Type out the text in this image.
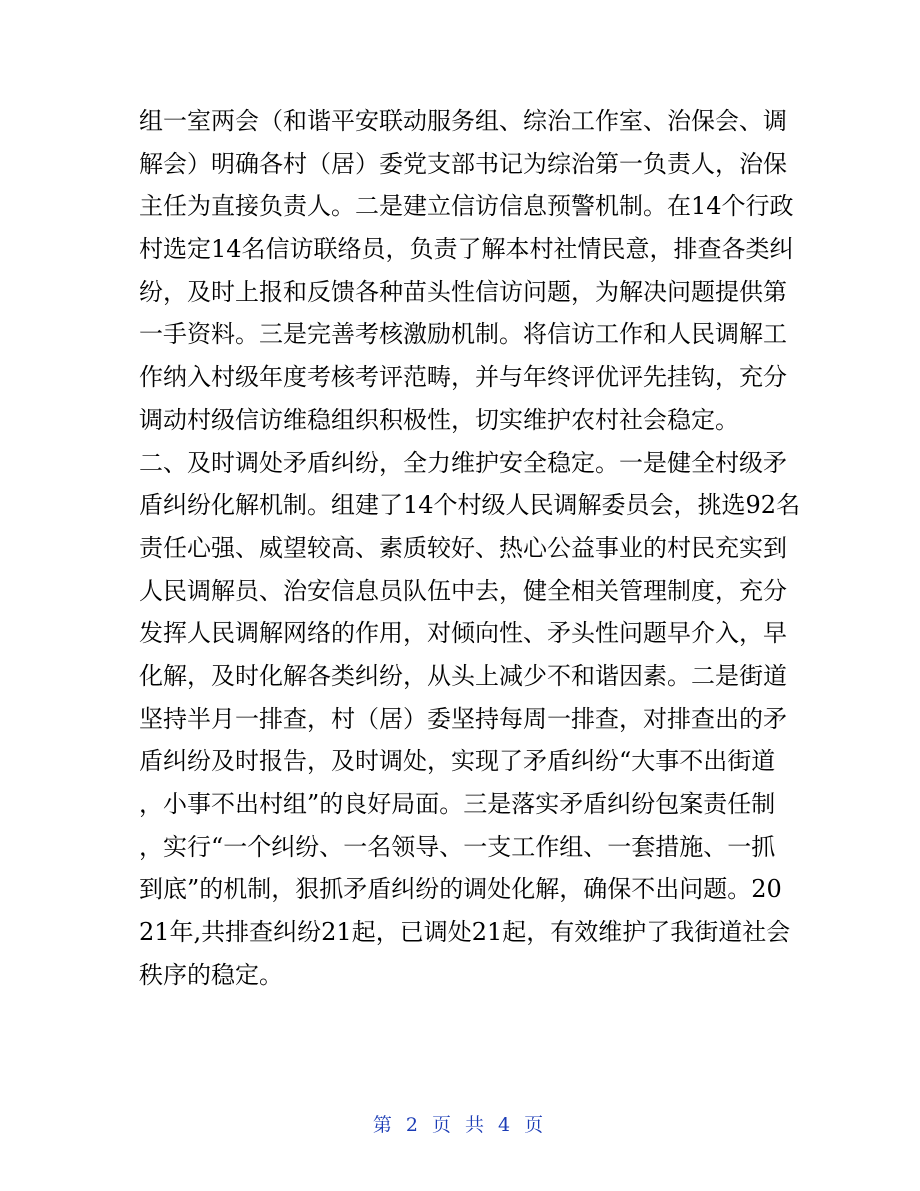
组一室两会（和谐平安联动服务组、综治工作室、治保会、调
解会）明确各村（居）委党支部书记为综治第一负责人，治保
主任为直接负责人。二是建立信访信息预警机制。在14个行政
村选定14名信访联络员，负责了解本村社情民意，排查各类纠
纷，及时上报和反馈各种苗头性信访问题，为解决问题提供第
一手资料。三是完善考核激励机制。将信访工作和人民调解工
作纳入村级年度考核考评范畴，并与年终评优评先挂钩，充分
调动村级信访维稳组织积极性，切实维护农村社会稳定。
二、及时调处矛盾纠纷，全力维护安全稳定。一是健全村级矛
盾纠纷化解机制。组建了14个村级人民调解委员会，挑选92名
责任心强、威望较高、素质较好、热心公益事业的村民充实到
人民调解员、治安信息员队伍中去，健全相关管理制度，充分
发挥人民调解网络的作用，对倾向性、矛头性问题早介入，早
化解，及时化解各类纠纷，从头上减少不和谐因素。二是街道
坚持半月一排查，村（居）委坚持每周一排查，对排查出的矛
盾纠纷及时报告，及时调处，实现了矛盾纠纷“大事不出街道
，小事不出村组”的良好局面。三是落实矛盾纠纷包案责任制
，实行“一个纠纷、一名领导、一支工作组、一套措施、一抓
到底”的机制，狠抓矛盾纠纷的调处化解，确保不出问题。20
21年,共排查纠纷21起，已调处21起，有效维护了我街道社会
秩序的稳定。
第 2 页 共 4 页
